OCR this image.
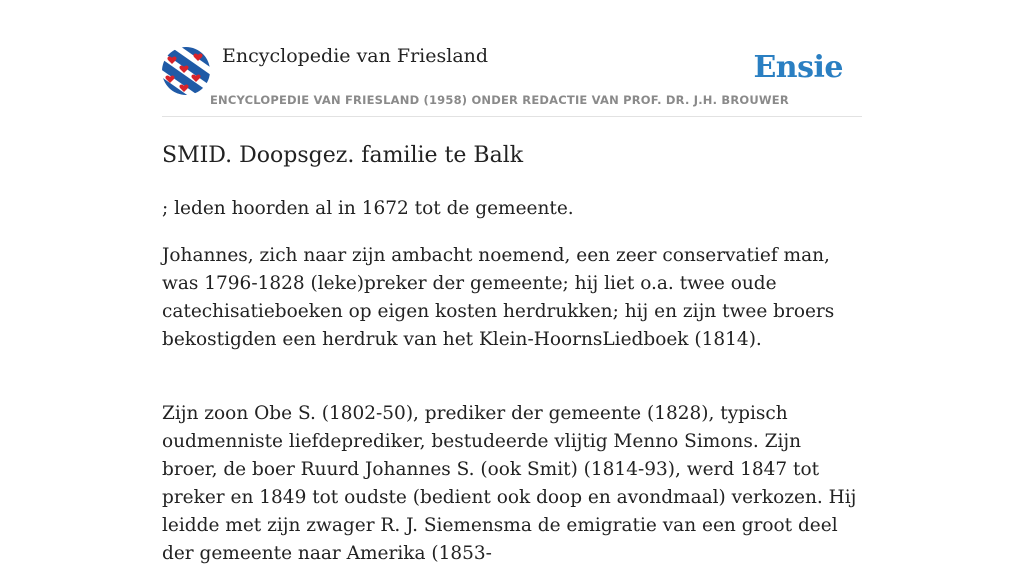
Encyclopedie van Friesland	Ensie
ENCYCLOPEDIE VAN FRIESLAND (1958) ONDER REDACTIE VAN PROF. DR. J.H. BROUWER
SMID. Doopsgez. familie te Balk

; leden hoorden al in 1672 tot de gemeente.

Johannes, zich naar zijn ambacht noemend, een zeer conservatief man, was 1796-1828 (leke)preker der gemeente; hij liet o.a. twee oude catechisatieboeken op eigen kosten herdrukken; hij en zijn twee broers bekostigden een herdruk van het Klein-HoornsLiedboek (1814).

Zijn zoon Obe S. (1802-50), prediker der gemeente (1828), typisch oudmenniste liefdeprediker, bestudeerde vlijtig Menno Simons. Zijn broer, de boer Ruurd Johannes S. (ook Smit) (1814-93), werd 1847 tot preker en 1849 tot oudste (bedient ook doop en avondmaal) verkozen. Hij leidde met zijn zwager R. J. Siemensma de emigratie van een groot deel der gemeente naar Amerika (1853-
